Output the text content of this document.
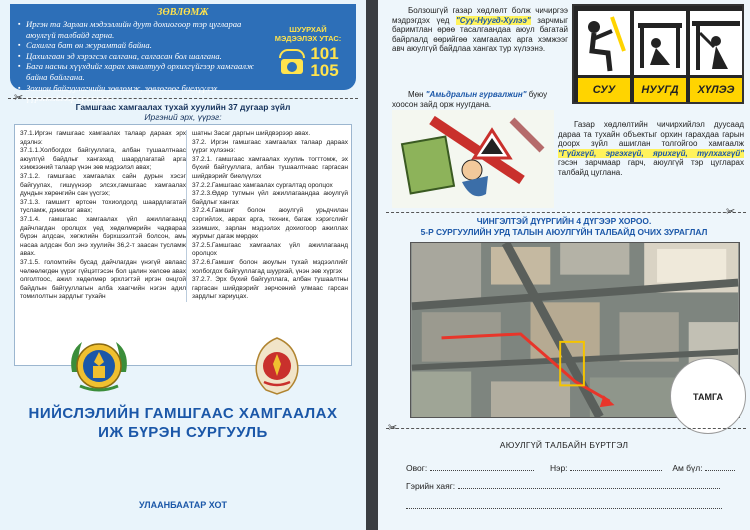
ЗӨВЛӨМЖ
▪ Иргэн та Зарлан мэдээллийн дуут дохиогоор тэр цуглараа аюулгүй талбайд гарна.
▪ Сахилга бат өн журамтай байна.
▪ Цахилгаан эд хэрэгсэл салгана, салгасан бол шалгана.
▪ Бага насны хүүхдийг харах хяналтууд орхихгүйгээр хамгаалж байна байлгана.
▪ Зохион байгуулагчийн зөвлөмж, зөвлөгөөг биелүүлэх үүрэгтэйгээр оролцоно.
ШУУРХАЙ МЭДЭЭЛЭХ УТАС:
101
105
✂
Гамшгаас хамгаалах тухай хуулийн 37 дугаар зүйл
Иргэний эрх, үүрэг:

37.1.Иргэн гамшгаас хамгаалах талаар дараах эрх эдэлнэ:

37.1.1.Холбогдох байгууллага, албан тушаалтнаас аюулгүй байдлыг хангахад шаардлагатай арга хэмжээний талаар үнэн зөв мэдээлэл авах;

37.1.2. гамшгаас хамгаалах сайн дурын хэсэг байгуулах, гишүүнээр элсэх,гамшгаас хамгаалах дундын хөрөнгийн сан үүсгэх;

37.1.3. гамшигт өртсөн тохиолдолд шаардлагатай тусламж, дэмжлэг авах;

37.1.4. гамшгаас хамгаалах үйл ажиллагаанд дайчлагдан оролцох үед хөдөлмөрийн чадвараа бүрэн алдсан, хөгжлийн бэрхшээлтэй болсон, амь насаа алдсан бол энэ хуулийн 36,2-т заасан тусламж авах.

37.1.5. голомтийн бусад дайчлагдан үнэгүй авлаас чөлөөлөгдөн үүрэг гүйцэтгэсэн бол цалин хөлсөө авах олголтоос, ажил хөдөлмөр эрхлэгтэй иргэн онцгой байдлын байгууллагын алба хаагчийн нэгэн адил томилолтын зардлыг тухайн

шатны Засаг даргын шийдвэрээр авах.

37.2. Иргэн гамшгаас хамгаалах талаар дараах үүрэг хүлээнэ:

37.2.1. гамшгаас хамгаалах хуулиь тогттомж, эх бүхий байгууллага, албан тушаалтнаас гаргасан шийдвэрийг биелүүлэх

37.2.2.Гамшгаас хамгаалах сургалтад оролцох

37.2.3.Өдөр тутмын үйл ажиллагаандаа аюулгүй байдлыг хангах

37.2.4.Гамшиг болон аюулгүй урьдчилан сэргийлэх, аврах арга, техник, багаж хэрэгслийг эзэмших, зарлан мэдээлэх дохиогоор ажиллах журмыг дагаж мөрдөх

37.2.5.Гамшгаас хамгаалах үйл ажиллагаанд оролцох

37.2.6.Гамшиг болон аюулын тухай мэдээллийг холбогдох байгууллагад шуурхай, үнэн зөв хүргэх

37.2.7. Эрх бүхий байгууллага, албан тушаалтны гаргасан шийдвэрийг зөрчсөний улмаас гарсан зардлыг хариуцах.

НИЙСЛЭЛИЙН ГАМШГААС ХАМГААЛАХ
ИЖ БҮРЭН СУРГУУЛЬ
УЛААНБААТАР ХОТ

Болзошгүй газар хөдлөлт болж чичиргээ мэдрэгдэх үед "Суу-Нуугд-Хулээ" зарчмыг баримтлан өрөө тасалгаандаа аюул багатай байрлалд өөрийгөө хамгаалах арга хэмжээг авч аюулгүй байдлаа хангах тур хүлээнэ.

Мөн "Амьдралын гурвалжин" буюу хоосон зайд орж нуугдана.

СУУ	НУУГД	ХҮЛЭЭ

Газар хөдлөлтийн чичирхийлэл дуусаад дараа та тухайн объектыг орхин гарахдаа гарын доорх зүйл ашиглан толгойгоо хамгаалж "Гүйхгүй, эргэхгүй, ярихгүй, тулхахгүй" гэсэн зарчмаар гарч, аюулгүй тэр цугларах талбайд цуглана.

✂
ЧИНГЭЛТЭЙ ДҮҮРГИЙН 4 ДҮГЭЭР ХОРОО.
5-Р СУРГУУЛИЙН УРД ТАЛЫН АЮУЛГҮЙН ТАЛБАЙД ОЧИХ ЗУРАГЛАЛ
ТАМГА
✂
АЮУЛГҮЙ ТАЛБАЙН БҮРТГЭЛ
Овог:	Нэр:	Ам бүл:
Гэрийн хаяг:
